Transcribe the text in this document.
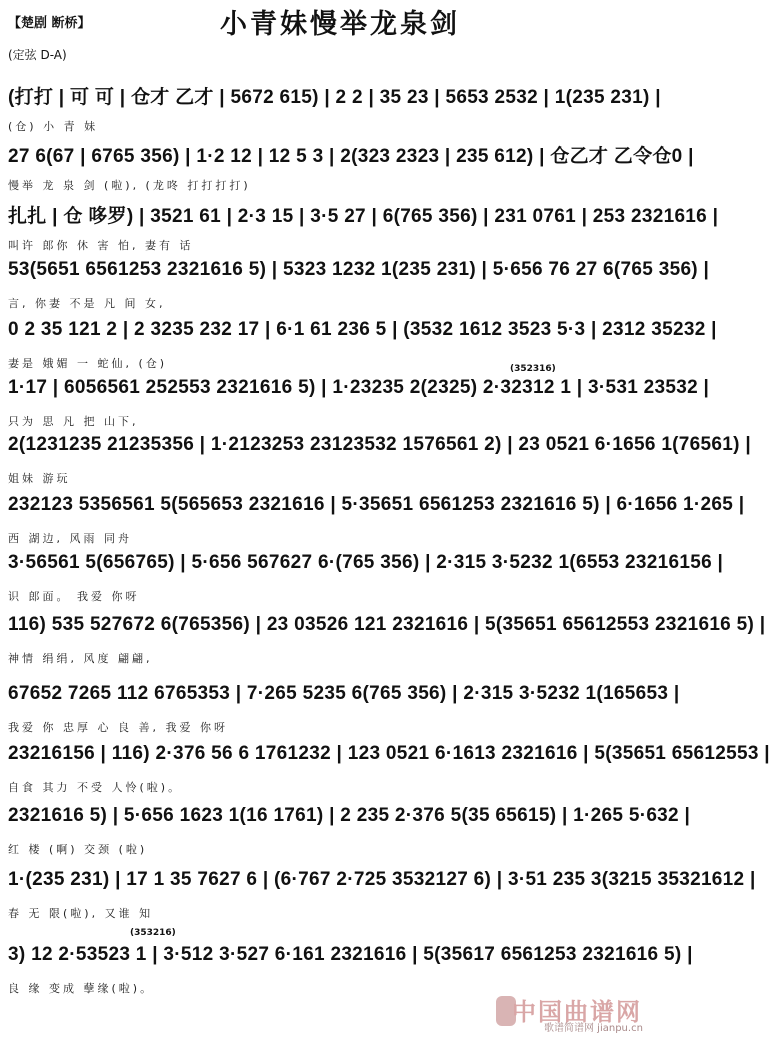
【楚剧 断桥】	小青妹慢举龙泉剑
(定弦 D-A)
(打打 | 可 可 | 仓才 乙才 | 5672 615) | 2 2 | 35 23 | 5653 2532 | 1(235 231) |
(仓) 小 青 妹
27 6(67 | 6765 356) | 1·2 12 | 12 5 3 | 2(323 2323 | 235 612) | 仓乙才 乙令仓0 |
慢举 龙 泉 剑 (啦), (龙咚 打打打打)
扎扎 | 仓 哆罗) | 3521 61 | 2·3 15 | 3·5 27 | 6(765 356) | 231 0761 | 253 2321616 |
叫许 郎你 休 害 怕, 妻有 话
53(5651 6561253 2321616 5) | 5323 1232 1(235 231) | 5·656 76 27 6(765 356) |
言, 你妻 不是 凡 间 女,
0 2 35 121 2 | 2 3235 232 17 | 6·1 61 236 5 | (3532 1612 3523 5·3 | 2312 35232 |
妻是 娥媚 一 蛇仙, (仓)
1·17 | 6056561 252553 2321616 5) | 1·23235 2(2325) 2·32312 1 | 3·531 23532 |
只为 思 凡 把 山下,
2(1231235 21235356 | 1·2123253 23123532 1576561 2) | 23 0521 6·1656 1(76561) |
姐妹 游玩
232123 5356561 5(565653 2321616 | 5·35651 6561253 2321616 5) | 6·1656 1·265 |
西 湖边, 风雨 同舟
3·56561 5(656765) | 5·656 567627 6·(765 356) | 2·315 3·5232 1(6553 23216156 |
识 郎面。 我爱 你呀
116) 535 527672 6(765356) | 23 03526 121 2321616 | 5(35651 65612553 2321616 5) |
神情 绢绢, 风度 翩翩,
67652 7265 112 6765353 | 7·265 5235 6(765 356) | 2·315 3·5232 1(165653 |
我爱 你 忠厚 心 良 善, 我爱 你呀
23216156 | 116) 2·376 56 6 1761232 | 123 0521 6·1613 2321616 | 5(35651 65612553 |
自食 其力 不受 人怜(啦)。
2321616 5) | 5·656 1623 1(16 1761) | 2 235 2·376 5(35 65615) | 1·265 5·632 |
红 楼 (啊) 交颈 (啦)
1·(235 231) | 17 1 35 7627 6 | (6·767 2·725 3532127 6) | 3·51 235 3(3215 35321612 |
春 无 限(啦), 又谁 知
3) 12 2·53523 1 | 3·512 3·527 6·161 2321616 | 5(35617 6561253 2321616 5) |
良 缘 变成 孽缘(啦)。
(352316)
(353216)
中国曲谱网
歌谱简谱网 jianpu.cn
